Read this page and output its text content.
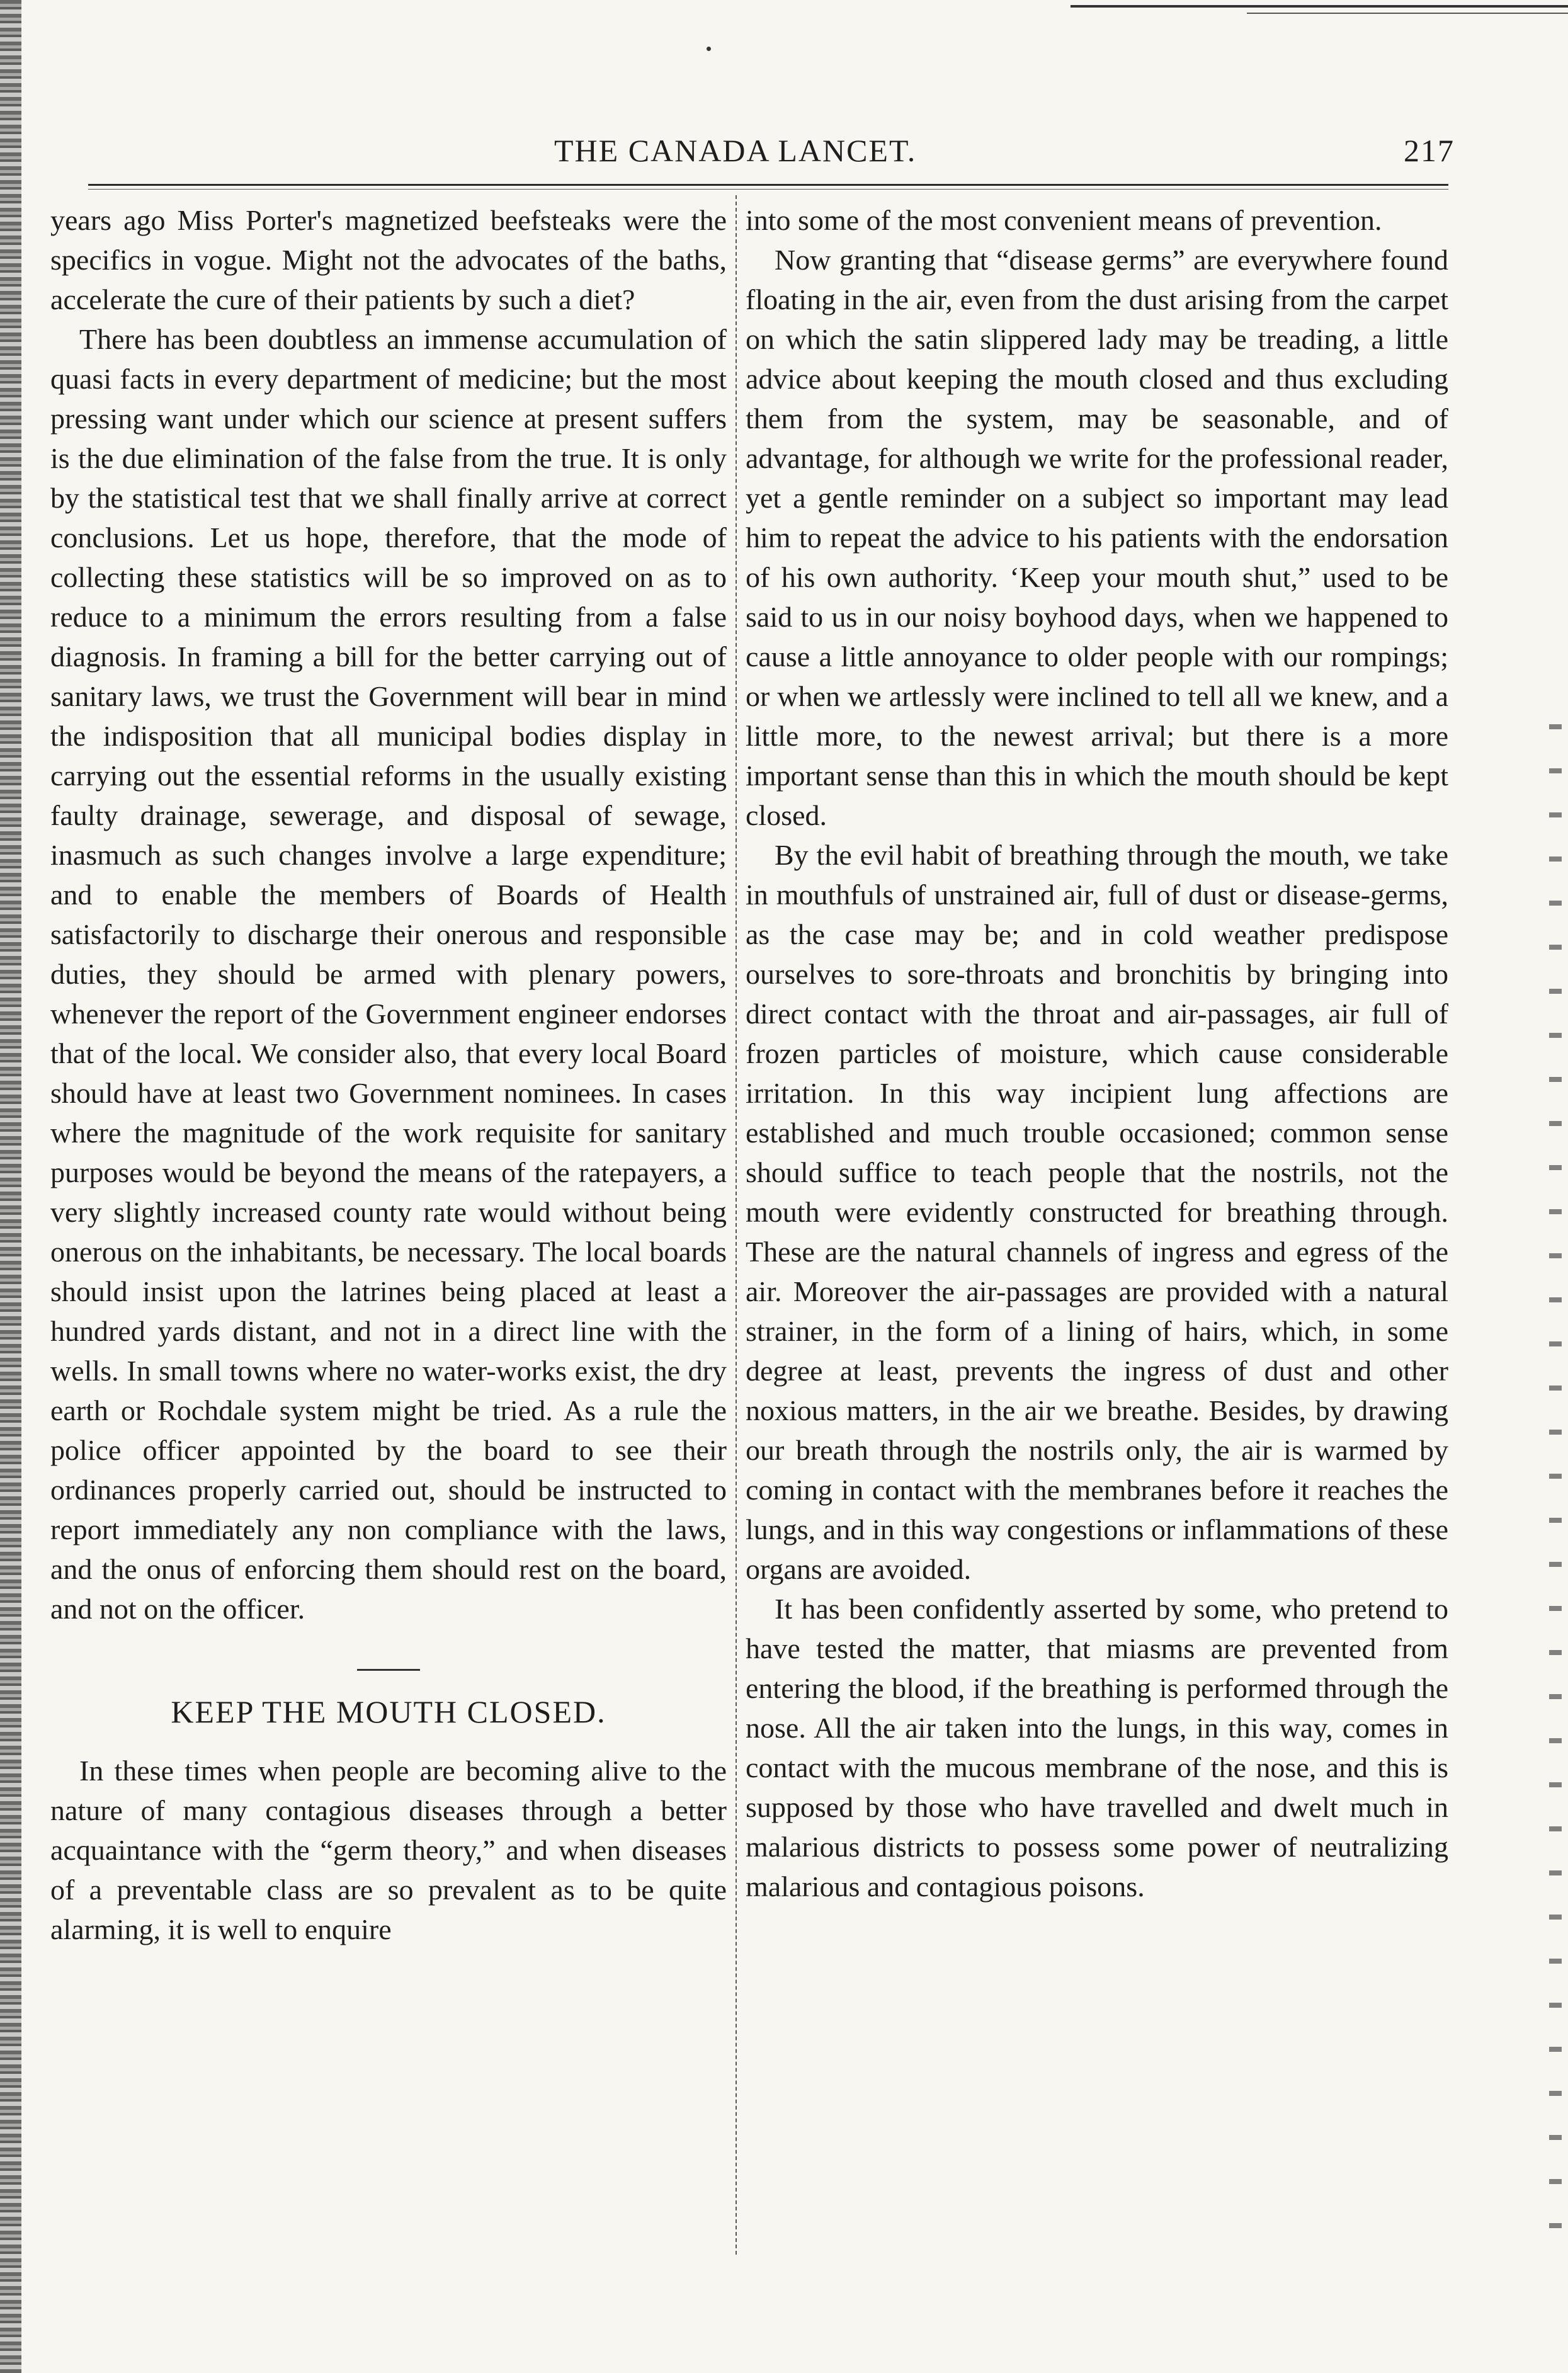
THE CANADA LANCET.	217

years ago Miss Porter's magnetized beefsteaks were the specifics in vogue. Might not the advocates of the baths, accelerate the cure of their patients by such a diet?

There has been doubtless an immense accumulation of quasi facts in every department of medicine; but the most pressing want under which our science at present suffers is the due elimination of the false from the true. It is only by the statistical test that we shall finally arrive at correct conclusions. Let us hope, therefore, that the mode of collecting these statistics will be so improved on as to reduce to a minimum the errors resulting from a false diagnosis. In framing a bill for the better carrying out of sanitary laws, we trust the Government will bear in mind the indisposition that all municipal bodies display in carrying out the essential reforms in the usually existing faulty drainage, sewerage, and disposal of sewage, inasmuch as such changes involve a large expenditure; and to enable the members of Boards of Health satisfactorily to discharge their onerous and responsible duties, they should be armed with plenary powers, whenever the report of the Government engineer endorses that of the local. We consider also, that every local Board should have at least two Government nominees. In cases where the magnitude of the work requisite for sanitary purposes would be beyond the means of the ratepayers, a very slightly increased county rate would without being onerous on the inhabitants, be necessary. The local boards should insist upon the latrines being placed at least a hundred yards distant, and not in a direct line with the wells. In small towns where no water-works exist, the dry earth or Rochdale system might be tried. As a rule the police officer appointed by the board to see their ordinances properly carried out, should be instructed to report immediately any non compliance with the laws, and the onus of enforcing them should rest on the board, and not on the officer.

KEEP THE MOUTH CLOSED.

In these times when people are becoming alive to the nature of many contagious diseases through a better acquaintance with the “germ theory,” and when diseases of a preventable class are so prevalent as to be quite alarming, it is well to enquire

into some of the most convenient means of prevention.

Now granting that “disease germs” are everywhere found floating in the air, even from the dust arising from the carpet on which the satin slippered lady may be treading, a little advice about keeping the mouth closed and thus excluding them from the system, may be seasonable, and of advantage, for although we write for the professional reader, yet a gentle reminder on a subject so important may lead him to repeat the advice to his patients with the endorsation of his own authority. ‘Keep your mouth shut,” used to be said to us in our noisy boyhood days, when we happened to cause a little annoyance to older people with our rompings; or when we artlessly were inclined to tell all we knew, and a little more, to the newest arrival; but there is a more important sense than this in which the mouth should be kept closed.

By the evil habit of breathing through the mouth, we take in mouthfuls of unstrained air, full of dust or disease-germs, as the case may be; and in cold weather predispose ourselves to sore-throats and bronchitis by bringing into direct contact with the throat and air-passages, air full of frozen particles of moisture, which cause considerable irritation. In this way incipient lung affections are established and much trouble occasioned; common sense should suffice to teach people that the nostrils, not the mouth were evidently constructed for breathing through. These are the natural channels of ingress and egress of the air. Moreover the air-passages are provided with a natural strainer, in the form of a lining of hairs, which, in some degree at least, prevents the ingress of dust and other noxious matters, in the air we breathe. Besides, by drawing our breath through the nostrils only, the air is warmed by coming in contact with the membranes before it reaches the lungs, and in this way congestions or inflammations of these organs are avoided.

It has been confidently asserted by some, who pretend to have tested the matter, that miasms are prevented from entering the blood, if the breathing is performed through the nose. All the air taken into the lungs, in this way, comes in contact with the mucous membrane of the nose, and this is supposed by those who have travelled and dwelt much in malarious districts to possess some power of neutralizing malarious and contagious poisons.
